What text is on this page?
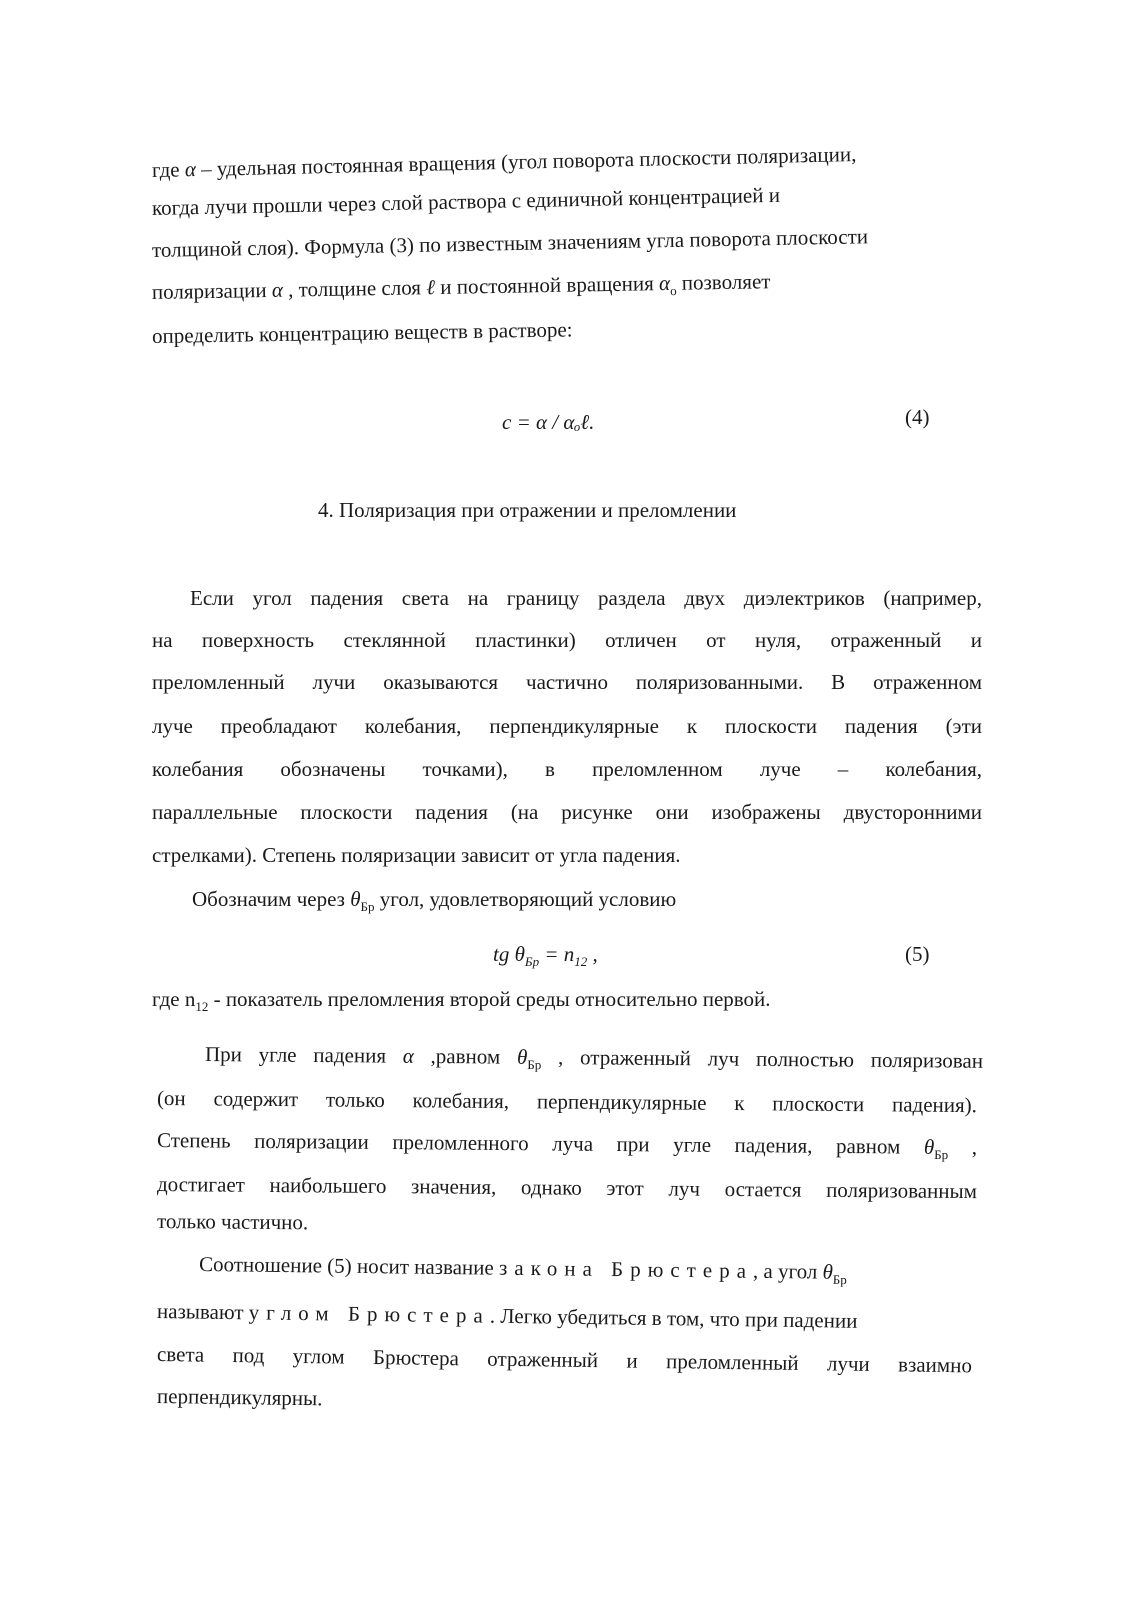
где α – удельная постоянная вращения (угол поворота плоскости поляризации,
когда лучи прошли через слой раствора с единичной концентрацией и
толщиной слоя). Формула (3) по известным значениям угла поворота плоскости
поляризации α , толщине слоя ℓ и постоянной вращения $\alpha_o$ позволяет
определить концентрацию веществ в растворе:
c = α / αₒℓ.	(4)
4. Поляризация при отражении и преломлении
Если угол падения света на границу раздела двух диэлектриков (например,
на поверхность стеклянной пластинки) отличен от нуля, отраженный и
преломленный лучи оказываются частично поляризованными. В отраженном
луче преобладают колебания, перпендикулярные к плоскости падения (эти
колебания обозначены точками), в преломленном луче – колебания,
параллельные плоскости падения (на рисунке они изображены двусторонними
стрелками). Степень поляризации зависит от угла падения.
Обозначим через $\theta_{Бр}$ угол, удовлетворяющий условию
tg $\theta_{Бр} = n_{12}$ ,	(5)
где $n_{12}$ - показатель преломления второй среды относительно первой.
При угле падения α ,равном $\theta_{Бр}$ , отраженный луч полностью поляризован
(он содержит только колебания, перпендикулярные к плоскости падения).
Степень поляризации преломленного луча при угле падения, равном $\theta_{Бр}$ ,
достигает наибольшего значения, однако этот луч остается поляризованным
только частично.
Соотношение (5) носит название закона Брюстера, а угол $\theta_{Бр}$
называют углом Брюстера. Легко убедиться в том, что при падении
света под углом Брюстера отраженный и преломленный лучи взаимно
перпендикулярны.
